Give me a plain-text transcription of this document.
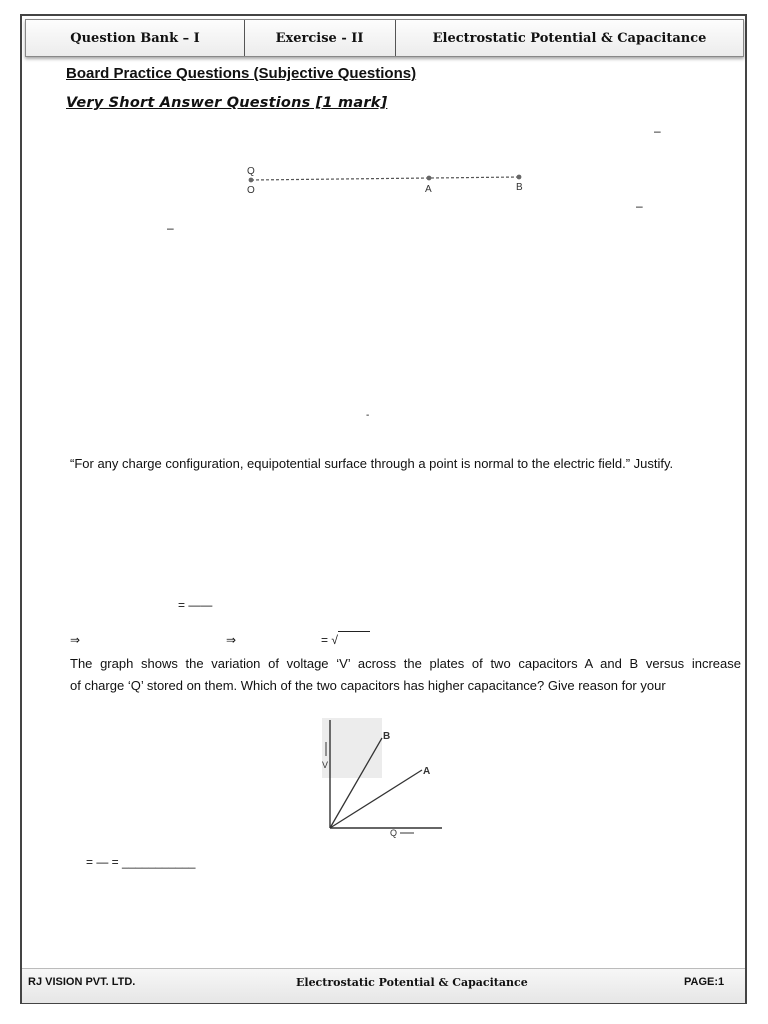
Question Bank – I	Exercise - II	Electrostatic Potential & Capacitance
Board Practice Questions (Subjective Questions)
Very Short Answer Questions [1 mark]
–
Q
O	A	B
–
–
-
“For any charge configuration, equipotential surface through a point is normal to the electric field.” Justify.
= ——
⇒	⇒	= √
The graph shows the variation of voltage ‘V’ across the plates of two capacitors A and B versus increase
of charge ‘Q’ stored on them. Which of the two capacitors has higher capacitance? Give reason for your
B
A
V
Q
= — = ___________
RJ VISION PVT. LTD.	Electrostatic Potential & Capacitance	PAGE:1
